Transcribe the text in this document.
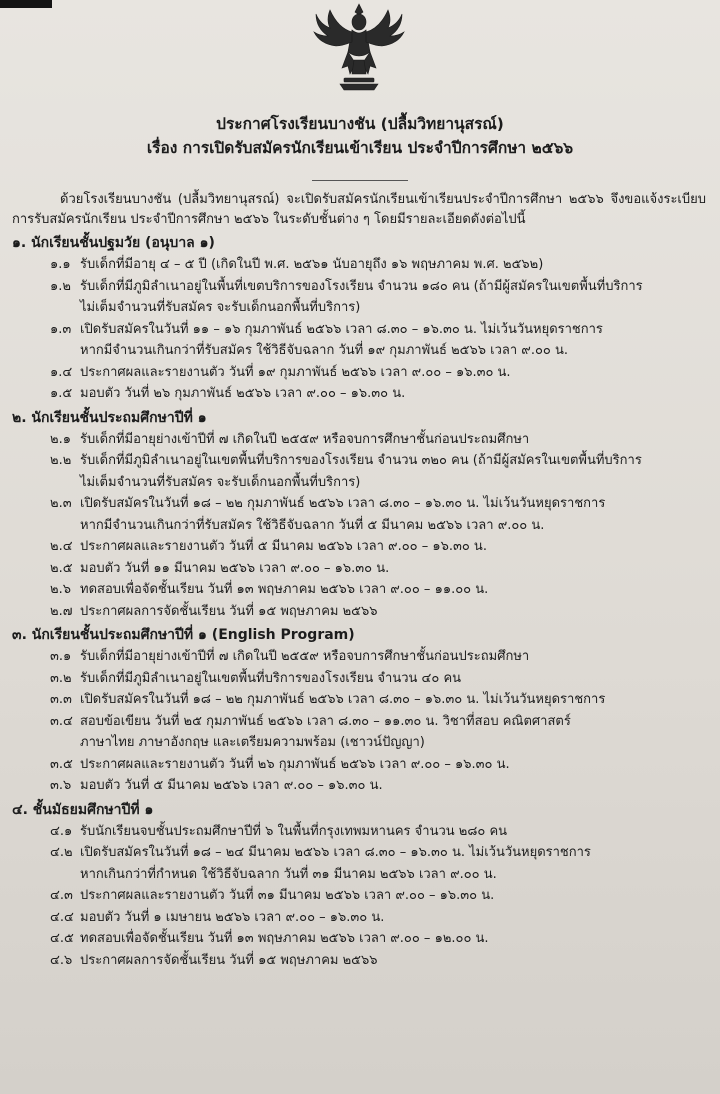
ประกาศโรงเรียนบางชัน (ปลื้มวิทยานุสรณ์)

เรื่อง การเปิดรับสมัครนักเรียนเข้าเรียน ประจำปีการศึกษา ๒๕๖๖

ด้วยโรงเรียนบางชัน (ปลื้มวิทยานุสรณ์) จะเปิดรับสมัครนักเรียนเข้าเรียนประจำปีการศึกษา ๒๕๖๖ จึงขอแจ้งระเบียบการรับสมัครนักเรียน ประจำปีการศึกษา ๒๕๖๖ ในระดับชั้นต่าง ๆ โดยมีรายละเอียดดังต่อไปนี้

๑. นักเรียนชั้นปฐมวัย (อนุบาล ๑)

๑.๑ รับเด็กที่มีอายุ ๔ – ๕ ปี (เกิดในปี พ.ศ. ๒๕๖๑ นับอายุถึง ๑๖ พฤษภาคม พ.ศ. ๒๕๖๒)

๑.๒ รับเด็กที่มีภูมิลำเนาอยู่ในพื้นที่เขตบริการของโรงเรียน จำนวน ๑๘๐ คน (ถ้ามีผู้สมัครในเขตพื้นที่บริการ
ไม่เต็มจำนวนที่รับสมัคร จะรับเด็กนอกพื้นที่บริการ)

๑.๓ เปิดรับสมัครในวันที่ ๑๑ – ๑๖ กุมภาพันธ์ ๒๕๖๖ เวลา ๘.๓๐ – ๑๖.๓๐ น. ไม่เว้นวันหยุดราชการ
หากมีจำนวนเกินกว่าที่รับสมัคร ใช้วิธีจับฉลาก วันที่ ๑๙ กุมภาพันธ์ ๒๕๖๖ เวลา ๙.๐๐ น.

๑.๔ ประกาศผลและรายงานตัว วันที่ ๑๙ กุมภาพันธ์ ๒๕๖๖ เวลา ๙.๐๐ – ๑๖.๓๐ น.

๑.๕ มอบตัว วันที่ ๒๖ กุมภาพันธ์ ๒๕๖๖ เวลา ๙.๐๐ – ๑๖.๓๐ น.

๒. นักเรียนชั้นประถมศึกษาปีที่ ๑

๒.๑ รับเด็กที่มีอายุย่างเข้าปีที่ ๗ เกิดในปี ๒๕๕๙ หรือจบการศึกษาชั้นก่อนประถมศึกษา

๒.๒ รับเด็กที่มีภูมิลำเนาอยู่ในเขตพื้นที่บริการของโรงเรียน จำนวน ๓๒๐ คน (ถ้ามีผู้สมัครในเขตพื้นที่บริการ
ไม่เต็มจำนวนที่รับสมัคร จะรับเด็กนอกพื้นที่บริการ)

๒.๓ เปิดรับสมัครในวันที่ ๑๘ – ๒๒ กุมภาพันธ์ ๒๕๖๖ เวลา ๘.๓๐ – ๑๖.๓๐ น. ไม่เว้นวันหยุดราชการ
หากมีจำนวนเกินกว่าที่รับสมัคร ใช้วิธีจับฉลาก วันที่ ๕ มีนาคม ๒๕๖๖ เวลา ๙.๐๐ น.

๒.๔ ประกาศผลและรายงานตัว วันที่ ๕ มีนาคม ๒๕๖๖ เวลา ๙.๐๐ – ๑๖.๓๐ น.

๒.๕ มอบตัว วันที่ ๑๑ มีนาคม ๒๕๖๖ เวลา ๙.๐๐ – ๑๖.๓๐ น.

๒.๖ ทดสอบเพื่อจัดชั้นเรียน วันที่ ๑๓ พฤษภาคม ๒๕๖๖ เวลา ๙.๐๐ – ๑๑.๐๐ น.

๒.๗ ประกาศผลการจัดชั้นเรียน วันที่ ๑๕ พฤษภาคม ๒๕๖๖

๓. นักเรียนชั้นประถมศึกษาปีที่ ๑ (English Program)

๓.๑ รับเด็กที่มีอายุย่างเข้าปีที่ ๗ เกิดในปี ๒๕๕๙ หรือจบการศึกษาชั้นก่อนประถมศึกษา

๓.๒ รับเด็กที่มีภูมิลำเนาอยู่ในเขตพื้นที่บริการของโรงเรียน จำนวน ๔๐ คน

๓.๓ เปิดรับสมัครในวันที่ ๑๘ – ๒๒ กุมภาพันธ์ ๒๕๖๖ เวลา ๘.๓๐ – ๑๖.๓๐ น. ไม่เว้นวันหยุดราชการ

๓.๔ สอบข้อเขียน วันที่ ๒๕ กุมภาพันธ์ ๒๕๖๖ เวลา ๘.๓๐ – ๑๑.๓๐ น. วิชาที่สอบ คณิตศาสตร์
ภาษาไทย ภาษาอังกฤษ และเตรียมความพร้อม (เชาวน์ปัญญา)

๓.๕ ประกาศผลและรายงานตัว วันที่ ๒๖ กุมภาพันธ์ ๒๕๖๖ เวลา ๙.๐๐ – ๑๖.๓๐ น.

๓.๖ มอบตัว วันที่ ๕ มีนาคม ๒๕๖๖ เวลา ๙.๐๐ – ๑๖.๓๐ น.

๔. ชั้นมัธยมศึกษาปีที่ ๑

๔.๑ รับนักเรียนจบชั้นประถมศึกษาปีที่ ๖ ในพื้นที่กรุงเทพมหานคร จำนวน ๒๘๐ คน

๔.๒ เปิดรับสมัครในวันที่ ๑๘ – ๒๔ มีนาคม ๒๕๖๖ เวลา ๘.๓๐ – ๑๖.๓๐ น. ไม่เว้นวันหยุดราชการ
หากเกินกว่าที่กำหนด ใช้วิธีจับฉลาก วันที่ ๓๑ มีนาคม ๒๕๖๖ เวลา ๙.๐๐ น.

๔.๓ ประกาศผลและรายงานตัว วันที่ ๓๑ มีนาคม ๒๕๖๖ เวลา ๙.๐๐ – ๑๖.๓๐ น.

๔.๔ มอบตัว วันที่ ๑ เมษายน ๒๕๖๖ เวลา ๙.๐๐ – ๑๖.๓๐ น.

๔.๕ ทดสอบเพื่อจัดชั้นเรียน วันที่ ๑๓ พฤษภาคม ๒๕๖๖ เวลา ๙.๐๐ – ๑๒.๐๐ น.

๔.๖ ประกาศผลการจัดชั้นเรียน วันที่ ๑๕ พฤษภาคม ๒๕๖๖
